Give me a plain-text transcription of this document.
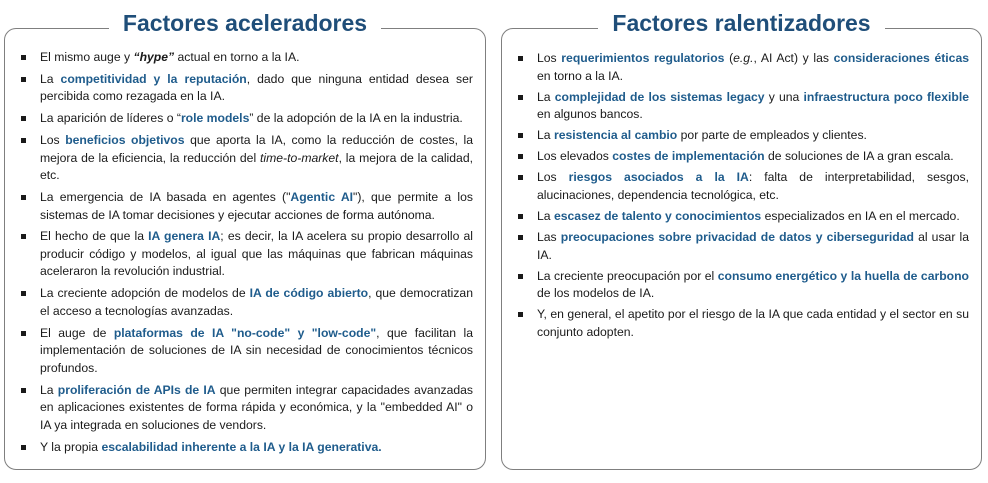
Factores aceleradores
El mismo auge y “hype” actual en torno a la IA.
La competitividad y la reputación, dado que ninguna entidad desea ser percibida como rezagada en la IA.
La aparición de líderes o “role models” de la adopción de la IA en la industria.
Los beneficios objetivos que aporta la IA, como la reducción de costes, la mejora de la eficiencia, la reducción del time-to-market, la mejora de la calidad, etc.
La emergencia de IA basada en agentes ("Agentic AI"), que permite a los sistemas de IA tomar decisiones y ejecutar acciones de forma autónoma.
El hecho de que la IA genera IA; es decir, la IA acelera su propio desarrollo al producir código y modelos, al igual que las máquinas que fabrican máquinas aceleraron la revolución industrial.
La creciente adopción de modelos de IA de código abierto, que democratizan el acceso a tecnologías avanzadas.
El auge de plataformas de IA "no-code" y "low-code", que facilitan la implementación de soluciones de IA sin necesidad de conocimientos técnicos profundos.
La proliferación de APIs de IA que permiten integrar capacidades avanzadas en aplicaciones existentes de forma rápida y económica, y la "embedded AI" o IA ya integrada en soluciones de vendors.
Y la propia escalabilidad inherente a la IA y la IA generativa.
Factores ralentizadores
Los requerimientos regulatorios (e.g., AI Act) y las consideraciones éticas en torno a la IA.
La complejidad de los sistemas legacy y una infraestructura poco flexible en algunos bancos.
La resistencia al cambio por parte de empleados y clientes.
Los elevados costes de implementación de soluciones de IA a gran escala.
Los riesgos asociados a la IA: falta de interpretabilidad, sesgos, alucinaciones, dependencia tecnológica, etc.
La escasez de talento y conocimientos especializados en IA en el mercado.
Las preocupaciones sobre privacidad de datos y ciberseguridad al usar la IA.
La creciente preocupación por el consumo energético y la huella de carbono de los modelos de IA.
Y, en general, el apetito por el riesgo de la IA que cada entidad y el sector en su conjunto adopten.
